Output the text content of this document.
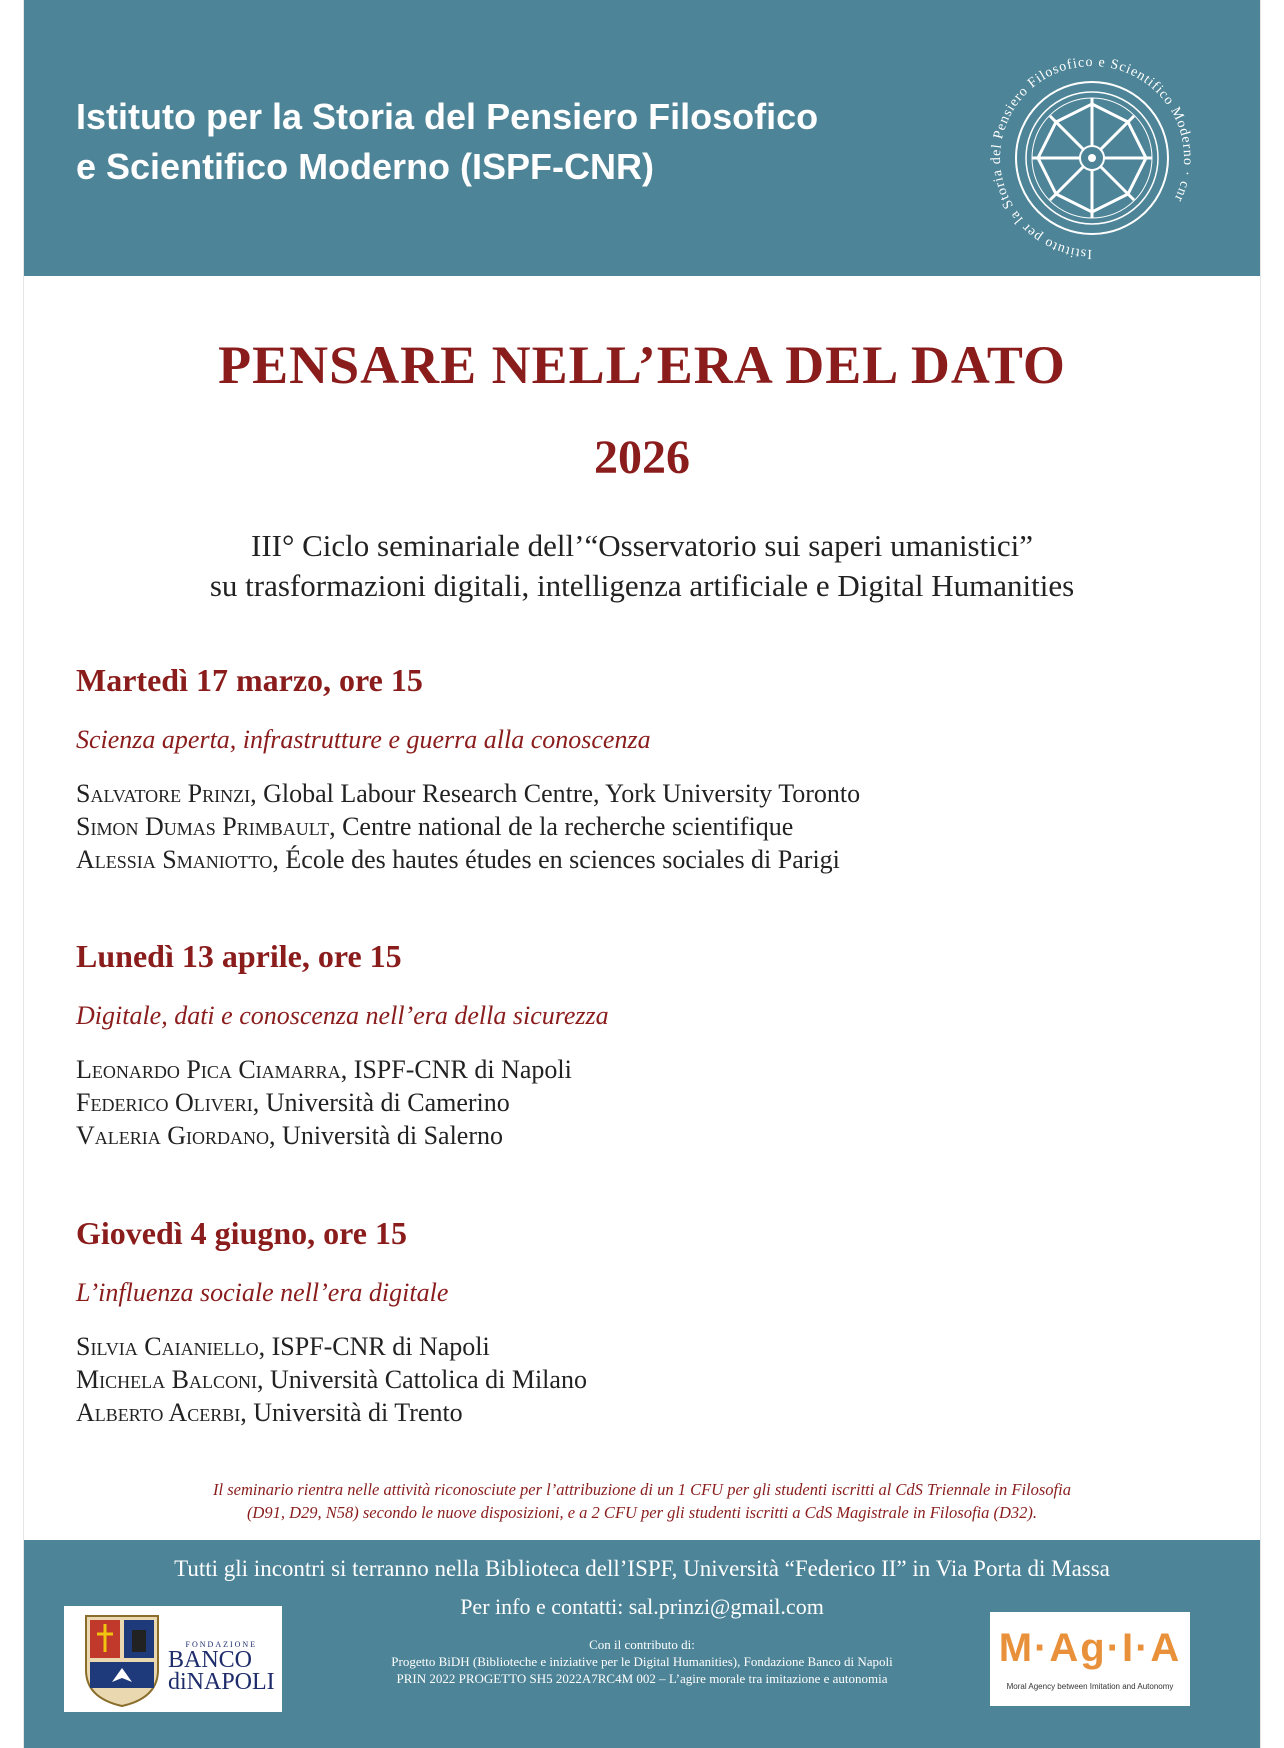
Istituto per la Storia del Pensiero Filosofico
e Scientifico Moderno (ISPF-CNR)
Istituto per la Storia del Pensiero Filosofico e Scientifico Moderno · cnr
PENSARE NELL’ERA DEL DATO
2026
III° Ciclo seminariale dell’“Osservatorio sui saperi umanistici”
su trasformazioni digitali, intelligenza artificiale e Digital Humanities
Martedì 17 marzo, ore 15
Scienza aperta, infrastrutture e guerra alla conoscenza
Salvatore Prinzi, Global Labour Research Centre, York University Toronto
Simon Dumas Primbault, Centre national de la recherche scientifique
Alessia Smaniotto, École des hautes études en sciences sociales di Parigi
Lunedì 13 aprile, ore 15
Digitale, dati e conoscenza nell’era della sicurezza
Leonardo Pica Ciamarra, ISPF-CNR di Napoli
Federico Oliveri, Università di Camerino
Valeria Giordano, Università di Salerno
Giovedì 4 giugno, ore 15
L’influenza sociale nell’era digitale
Silvia Caianiello, ISPF-CNR di Napoli
Michela Balconi, Università Cattolica di Milano
Alberto Acerbi, Università di Trento
Il seminario rientra nelle attività riconosciute per l’attribuzione di un 1 CFU per gli studenti iscritti al CdS Triennale in Filosofia
(D91, D29, N58) secondo le nuove disposizioni, e a 2 CFU per gli studenti iscritti a CdS Magistrale in Filosofia (D32).
Tutti gli incontri si terranno nella Biblioteca dell’ISPF, Università “Federico II” in Via Porta di Massa
Per info e contatti: sal.prinzi@gmail.com
FONDAZIONE
BANCO
diNAPOLI
Con il contributo di:
Progetto BiDH (Biblioteche e iniziative per le Digital Humanities), Fondazione Banco di Napoli
PRIN 2022 PROGETTO SH5 2022A7RC4M 002 – L’agire morale tra imitazione e autonomia
M·Ag·I·A
Moral Agency between Imitation and Autonomy
